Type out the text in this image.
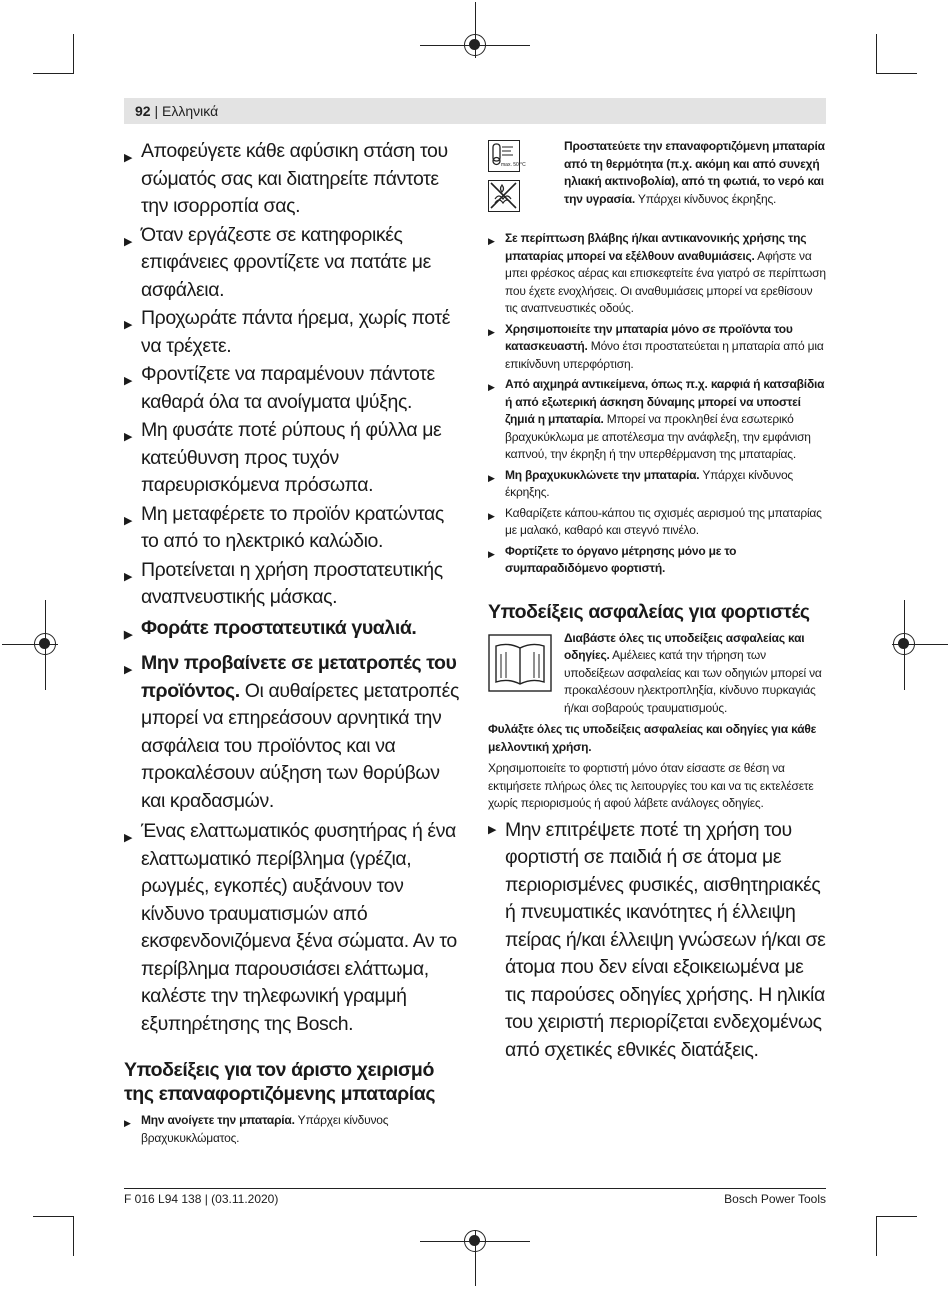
92 | Ελληνικά
▶ Αποφεύγετε κάθε αφύσικη στάση του σώματός σας και διατηρείτε πάντοτε την ισορροπία σας.
▶ Όταν εργάζεστε σε κατηφορικές επιφάνειες φροντίζετε να πατάτε με ασφάλεια.
▶ Προχωράτε πάντα ήρεμα, χωρίς ποτέ να τρέχετε.
▶ Φροντίζετε να παραμένουν πάντοτε καθαρά όλα τα ανοίγματα ψύξης.
▶ Μη φυσάτε ποτέ ρύπους ή φύλλα με κατεύθυνση προς τυχόν παρευρισκόμενα πρόσωπα.
▶ Μη μεταφέρετε το προϊόν κρατώντας το από το ηλεκτρικό καλώδιο.
▶ Προτείνεται η χρήση προστατευτικής αναπνευστικής μάσκας.
▶ Φοράτε προστατευτικά γυαλιά.
▶ Μην προβαίνετε σε μετατροπές του προϊόντος. Οι αυθαίρετες μετατροπές μπορεί να επηρεάσουν αρνητικά την ασφάλεια του προϊόντος και να προκαλέσουν αύξηση των θορύβων και κραδασμών.
▶ Ένας ελαττωματικός φυσητήρας ή ένα ελαττωματικό περίβλημα (γρέζια, ρωγμές, εγκοπές) αυξάνουν τον κίνδυνο τραυματισμών από εκσφενδονιζόμενα ξένα σώματα. Αν το περίβλημα παρουσιάσει ελάττωμα, καλέστε την τηλεφωνική γραμμή εξυπηρέτησης της Bosch.
Υποδείξεις για τον άριστο χειρισμό της επαναφορτιζόμενης μπαταρίας
▶ Μην ανοίγετε την μπαταρία. Υπάρχει κίνδυνος βραχυκυκλώματος.
max. 50 °C
Προστατεύετε την επαναφορτιζόμενη μπαταρία από τη θερμότητα (π.χ. ακόμη και από συνεχή ηλιακή ακτινοβολία), από τη φωτιά, το νερό και την υγρασία. Υπάρχει κίνδυνος έκρηξης.
▶ Σε περίπτωση βλάβης ή/και αντικανονικής χρήσης της μπαταρίας μπορεί να εξέλθουν αναθυμιάσεις. Αφήστε να μπει φρέσκος αέρας και επισκεφτείτε ένα γιατρό σε περίπτωση που έχετε ενοχλήσεις. Οι αναθυμιάσεις μπορεί να ερεθίσουν τις αναπνευστικές οδούς.
▶ Χρησιμοποιείτε την μπαταρία μόνο σε προϊόντα του κατασκευαστή. Μόνο έτσι προστατεύεται η μπαταρία από μια επικίνδυνη υπερφόρτιση.
▶ Από αιχμηρά αντικείμενα, όπως π.χ. καρφιά ή κατσαβίδια ή από εξωτερική άσκηση δύναμης μπορεί να υποστεί ζημιά η μπαταρία. Μπορεί να προκληθεί ένα εσωτερικό βραχυκύκλωμα με αποτέλεσμα την ανάφλεξη, την εμφάνιση καπνού, την έκρηξη ή την υπερθέρμανση της μπαταρίας.
▶ Μη βραχυκυκλώνετε την μπαταρία. Υπάρχει κίνδυνος έκρηξης.
▶ Καθαρίζετε κάπου-κάπου τις σχισμές αερισμού της μπαταρίας με μαλακό, καθαρό και στεγνό πινέλο.
▶ Φορτίζετε το όργανο μέτρησης μόνο με το συμπαραδιδόμενο φορτιστή.
Υποδείξεις ασφαλείας για φορτιστές
Διαβάστε όλες τις υποδείξεις ασφαλείας και οδηγίες. Αμέλειες κατά την τήρηση των υποδείξεων ασφαλείας και των οδηγιών μπορεί να προκαλέσουν ηλεκτροπληξία, κίνδυνο πυρκαγιάς ή/και σοβαρούς τραυματισμούς.
Φυλάξτε όλες τις υποδείξεις ασφαλείας και οδηγίες για κάθε μελλοντική χρήση.
Χρησιμοποιείτε το φορτιστή μόνο όταν είσαστε σε θέση να εκτιμήσετε πλήρως όλες τις λειτουργίες του και να τις εκτελέσετε χωρίς περιορισμούς ή αφού λάβετε ανάλογες οδηγίες.
▶ Μην επιτρέψετε ποτέ τη χρήση του φορτιστή σε παιδιά ή σε άτομα με περιορισμένες φυσικές, αισθητηριακές ή πνευματικές ικανότητες ή έλλειψη πείρας ή/και έλλειψη γνώσεων ή/και σε άτομα που δεν είναι εξοικειωμένα με τις παρούσες οδηγίες χρήσης. Η ηλικία του χειριστή περιορίζεται ενδεχομένως από σχετικές εθνικές διατάξεις.
F 016 L94 138 | (03.11.2020)	Bosch Power Tools
